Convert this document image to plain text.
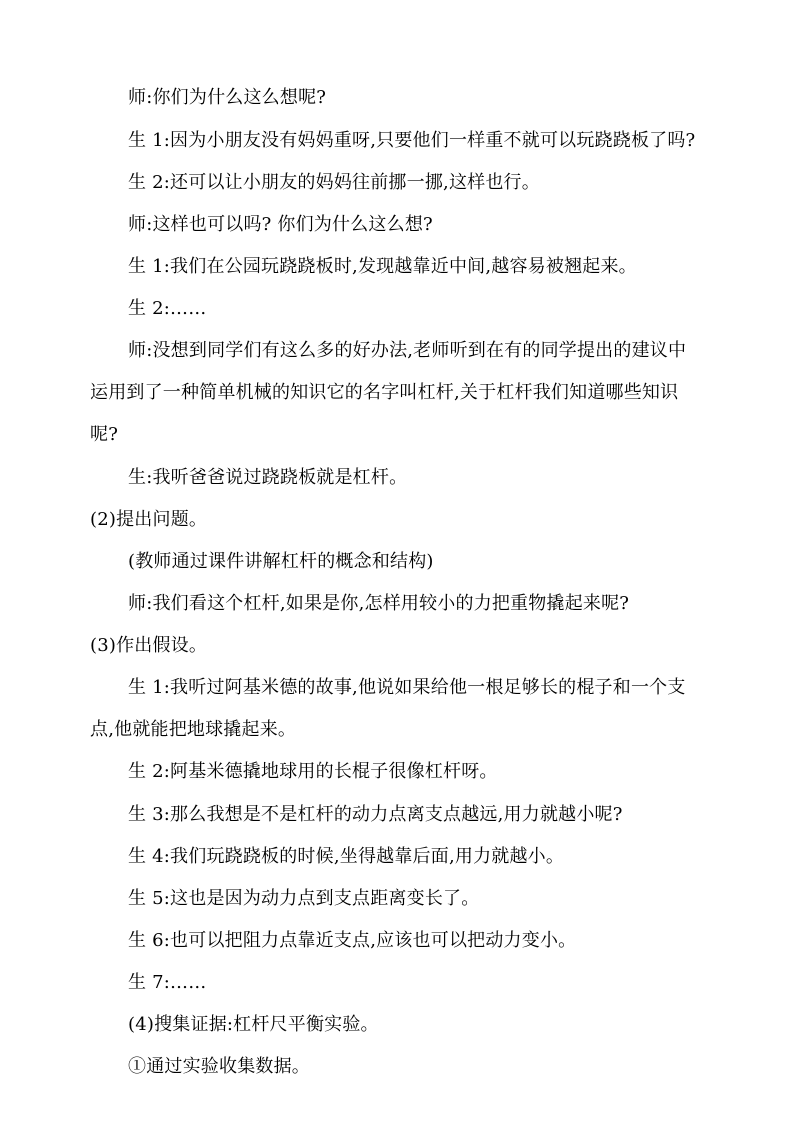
师:你们为什么这么想呢?
生 1:因为小朋友没有妈妈重呀,只要他们一样重不就可以玩跷跷板了吗?
生 2:还可以让小朋友的妈妈往前挪一挪,这样也行。
师:这样也可以吗? 你们为什么这么想?
生 1:我们在公园玩跷跷板时,发现越靠近中间,越容易被翘起来。
生 2:……
师:没想到同学们有这么多的好办法,老师听到在有的同学提出的建议中
运用到了一种简单机械的知识它的名字叫杠杆,关于杠杆我们知道哪些知识
呢?
生:我听爸爸说过跷跷板就是杠杆。
(2)提出问题。
(教师通过课件讲解杠杆的概念和结构)
师:我们看这个杠杆,如果是你,怎样用较小的力把重物撬起来呢?
(3)作出假设。
生 1:我听过阿基米德的故事,他说如果给他一根足够长的棍子和一个支
点,他就能把地球撬起来。
生 2:阿基米德撬地球用的长棍子很像杠杆呀。
生 3:那么我想是不是杠杆的动力点离支点越远,用力就越小呢?
生 4:我们玩跷跷板的时候,坐得越靠后面,用力就越小。
生 5:这也是因为动力点到支点距离变长了。
生 6:也可以把阻力点靠近支点,应该也可以把动力变小。
生 7:……
(4)搜集证据:杠杆尺平衡实验。
①通过实验收集数据。
